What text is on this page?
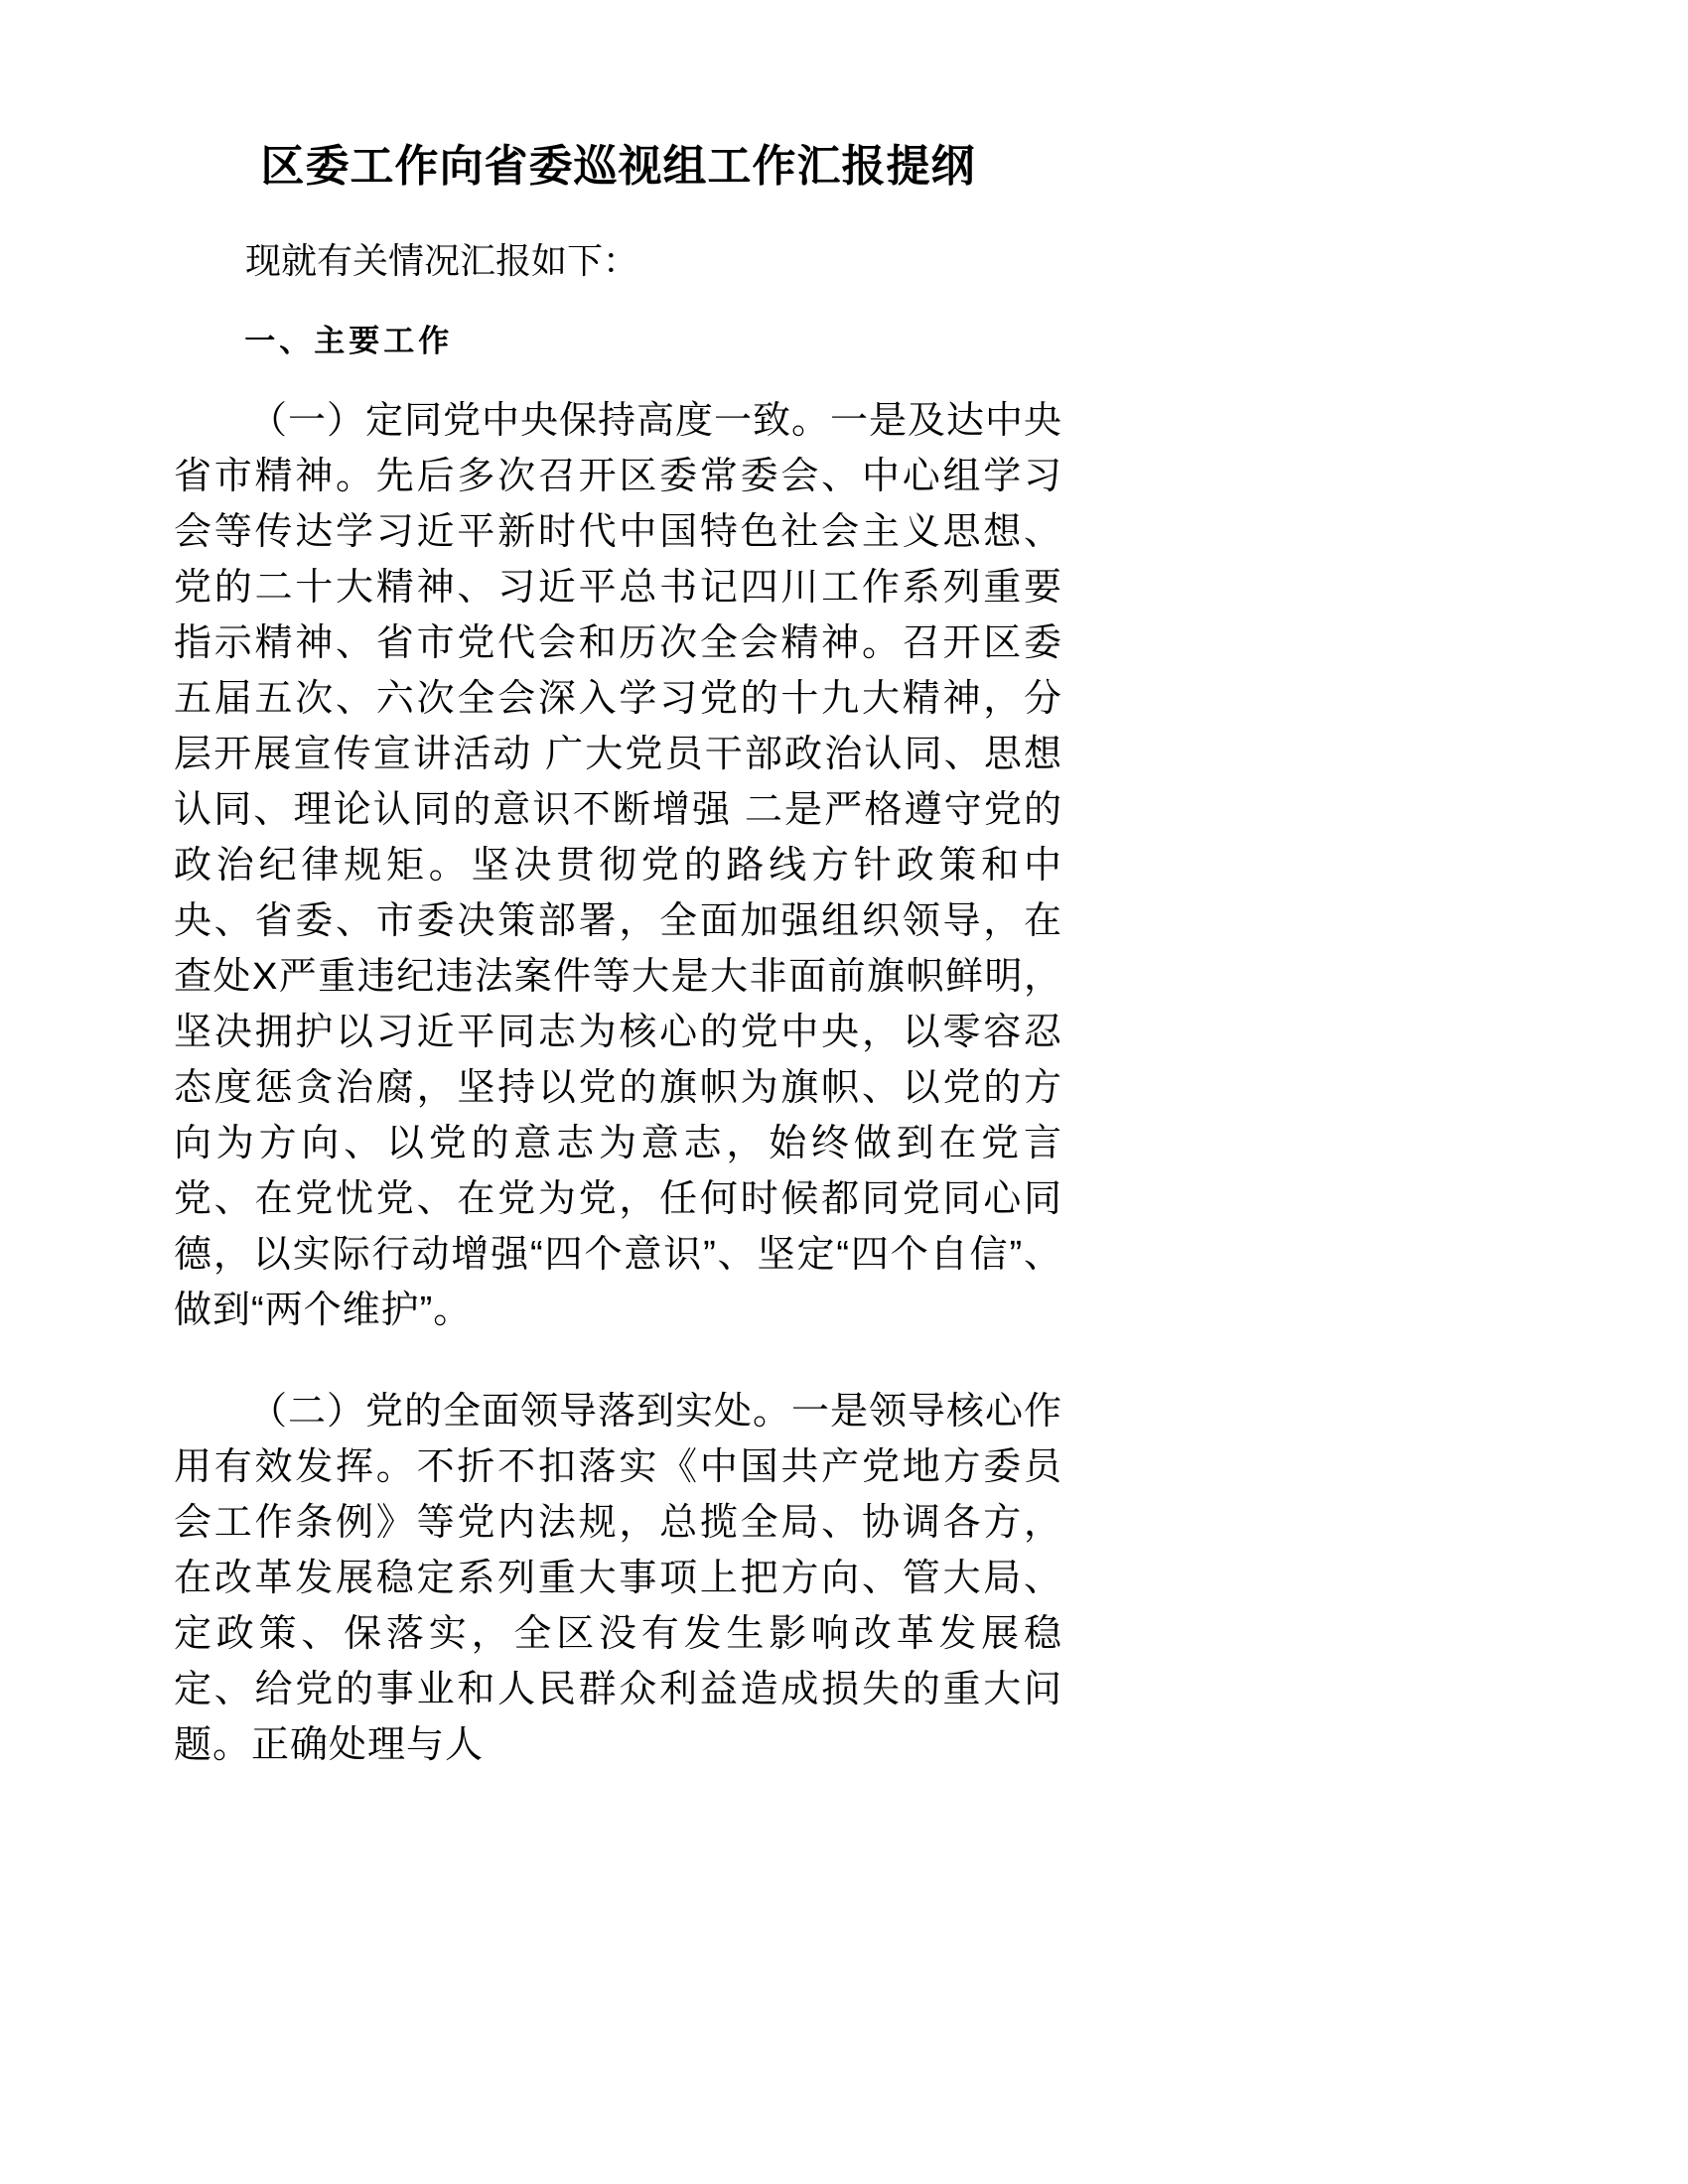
区委工作向省委巡视组工作汇报提纲

现就有关情况汇报如下：

一、主要工作

（一）定同党中央保持高度一致。一是及达中央省市精神。先后多次召开区委常委会、中心组学习会等传达学习近平新时代中国特色社会主义思想、党的二十大精神、习近平总书记四川工作系列重要指示精神、省市党代会和历次全会精神。召开区委五届五次、六次全会深入学习党的十九大精神，分层开展宣传宣讲活动 广大党员干部政治认同、思想认同、理论认同的意识不断增强 二是严格遵守党的政治纪律规矩。坚决贯彻党的路线方针政策和中央、省委、市委决策部署，全面加强组织领导，在查处X严重违纪违法案件等大是大非面前旗帜鲜明，坚决拥护以习近平同志为核心的党中央，以零容忍态度惩贪治腐，坚持以党的旗帜为旗帜、以党的方向为方向、以党的意志为意志，始终做到在党言党、在党忧党、在党为党，任何时候都同党同心同德，以实际行动增强“四个意识”、坚定“四个自信”、做到“两个维护”。

（二）党的全面领导落到实处。一是领导核心作用有效发挥。不折不扣落实《中国共产党地方委员会工作条例》等党内法规，总揽全局、协调各方，在改革发展稳定系列重大事项上把方向、管大局、定政策、保落实，全区没有发生影响改革发展稳定、给党的事业和人民群众利益造成损失的重大问题。正确处理与人
